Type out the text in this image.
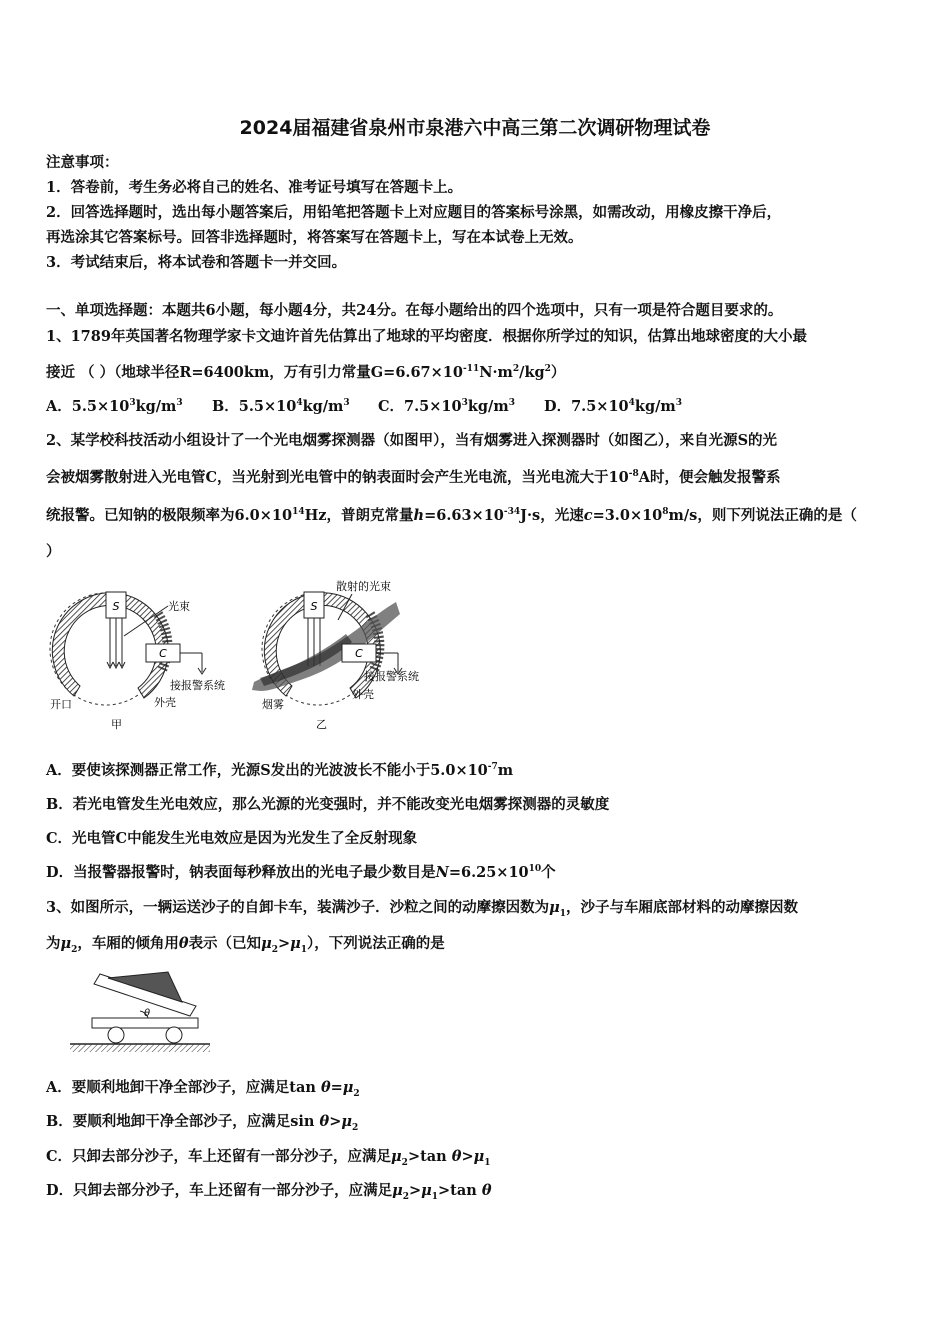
2024届福建省泉州市泉港六中高三第二次调研物理试卷
注意事项：
1．答卷前，考生务必将自己的姓名、准考证号填写在答题卡上。
2．回答选择题时，选出每小题答案后，用铅笔把答题卡上对应题目的答案标号涂黑，如需改动，用橡皮擦干净后，
再选涂其它答案标号。回答非选择题时，将答案写在答题卡上，写在本试卷上无效。
3．考试结束后，将本试卷和答题卡一并交回。
一、单项选择题：本题共6小题，每小题4分，共24分。在每小题给出的四个选项中，只有一项是符合题目要求的。
1、1789年英国著名物理学家卡文迪许首先估算出了地球的平均密度．根据你所学过的知识，估算出地球密度的大小最
接近 （ ）（地球半径R=6400km，万有引力常量$G=6.67\times 10^{-11}N\cdot m^2/kg^2$）
A．$5.5\times 10^3kg/m^3$ B．$5.5\times 10^4kg/m^3$ C．$7.5\times 10^3kg/m^3$ D．$7.5\times 10^4kg/m^3$
2、某学校科技活动小组设计了一个光电烟雾探测器（如图甲），当有烟雾进入探测器时（如图乙），来自光源S的光
会被烟雾散射进入光电管C，当光射到光电管中的钠表面时会产生光电流，当光电流大于$10^{-8}A$时，便会触发报警系
统报警。已知钠的极限频率为$6.0\times 10^{14}Hz$，普朗克常量$h=6.63\times 10^{-34}J\cdot s$，光速$c=3.0\times 10^8m/s$，则下列说法正确的是（
）
S	光束
C
接报警系统
外壳
开口
甲
S
散射的光束
C
接报警系统
外壳
烟雾
乙
A．要使该探测器正常工作，光源S发出的光波波长不能小于$5.0\times 10^{-7}m$
B．若光电管发生光电效应，那么光源的光变强时，并不能改变光电烟雾探测器的灵敏度
C．光电管C中能发生光电效应是因为光发生了全反射现象
D．当报警器报警时，钠表面每秒释放出的光电子最少数目是$N=6.25\times 10^{10}$个
3、如图所示，一辆运送沙子的自卸卡车，装满沙子．沙粒之间的动摩擦因数为$\mu_1$，沙子与车厢底部材料的动摩擦因数
为$\mu_2$，车厢的倾角用θ表示（已知$\mu_2>\mu_1$），下列说法正确的是
θ
A．要顺利地卸干净全部沙子，应满足$\tan \theta=\mu_2$
B．要顺利地卸干净全部沙子，应满足$\sin \theta>\mu_2$
C．只卸去部分沙子，车上还留有一部分沙子，应满足$\mu_2>\tan$ $\theta>\mu_1$
D．只卸去部分沙子，车上还留有一部分沙子，应满足$\mu_2>\mu_1>\tan$ θ
